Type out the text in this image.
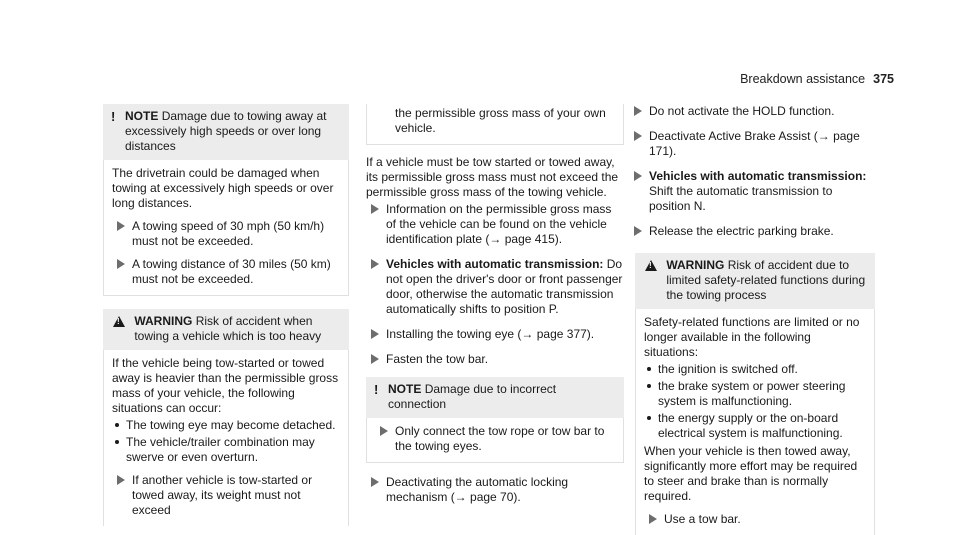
Breakdown assistance 375
! NOTE Damage due to towing away at excessively high speeds or over long distances

The drivetrain could be damaged when towing at excessively high speeds or over long distances.

A towing speed of 30 mph (50 km/h) must not be exceeded.
A towing distance of 30 miles (50 km) must not be exceeded.
! WARNING Risk of accident when towing a vehicle which is too heavy

If the vehicle being tow-started or towed away is heavier than the permissible gross mass of your vehicle, the following situations can occur:

The towing eye may become detached.
The vehicle/trailer combination may swerve or even overturn.
If another vehicle is tow-started or towed away, its weight must not exceed

the permissible gross mass of your own vehicle.

If a vehicle must be tow started or towed away, its permissible gross mass must not exceed the permissible gross mass of the towing vehicle.

Information on the permissible gross mass of the vehicle can be found on the vehicle identification plate (→ page 415).
Vehicles with automatic transmission: Do not open the driver's door or front passenger door, otherwise the automatic transmission automatically shifts to position P.
Installing the towing eye (→ page 377).
Fasten the tow bar.
! NOTE Damage due to incorrect connection
Only connect the tow rope or tow bar to the towing eyes.
Deactivating the automatic locking mechanism (→ page 70).
Do not activate the HOLD function.
Deactivate Active Brake Assist (→ page 171).
Vehicles with automatic transmission:
Shift the automatic transmission to position N.
Release the electric parking brake.
! WARNING Risk of accident due to limited safety-related functions during the towing process

Safety-related functions are limited or no longer available in the following situations:

the ignition is switched off.
the brake system or power steering system is malfunctioning.
the energy supply or the on-board electrical system is malfunctioning.

When your vehicle is then towed away, significantly more effort may be required to steer and brake than is normally required.

Use a tow bar.
